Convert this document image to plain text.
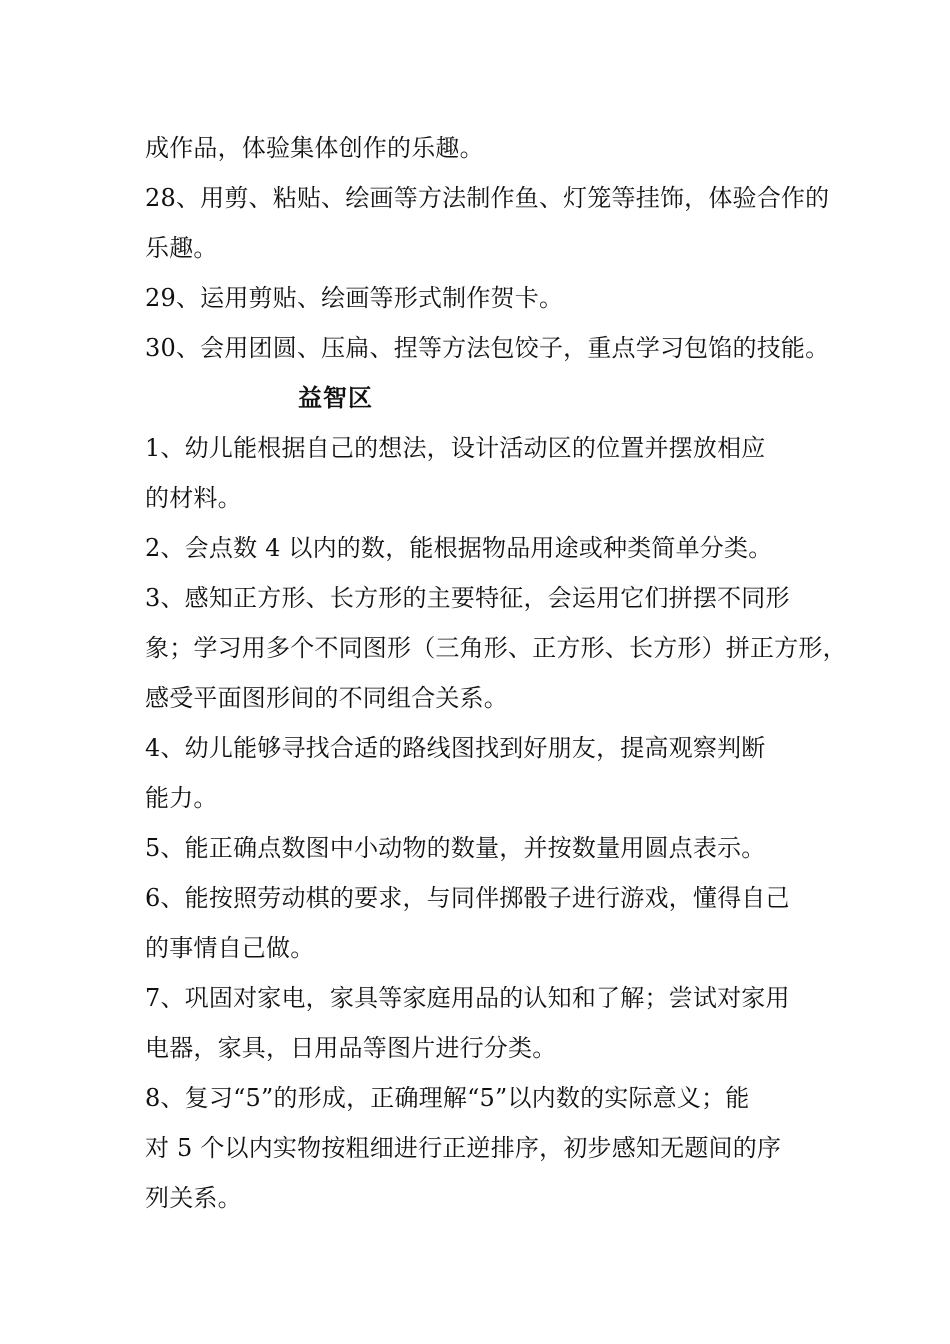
成作品，体验集体创作的乐趣。
28、用剪、粘贴、绘画等方法制作鱼、灯笼等挂饰，体验合作的
乐趣。
29、运用剪贴、绘画等形式制作贺卡。
30、会用团圆、压扁、捏等方法包饺子，重点学习包馅的技能。
益智区
1、幼儿能根据自己的想法，设计活动区的位置并摆放相应
的材料。
2、会点数 4 以内的数，能根据物品用途或种类简单分类。
3、感知正方形、长方形的主要特征，会运用它们拼摆不同形
象；学习用多个不同图形（三角形、正方形、长方形）拼正方形，
感受平面图形间的不同组合关系。
4、幼儿能够寻找合适的路线图找到好朋友，提高观察判断
能力。
5、能正确点数图中小动物的数量，并按数量用圆点表示。
6、能按照劳动棋的要求，与同伴掷骰子进行游戏，懂得自己
的事情自己做。
7、巩固对家电，家具等家庭用品的认知和了解；尝试对家用
电器，家具，日用品等图片进行分类。
8、复习“5”的形成，正确理解“5”以内数的实际意义；能
对 5 个以内实物按粗细进行正逆排序，初步感知无题间的序
列关系。
